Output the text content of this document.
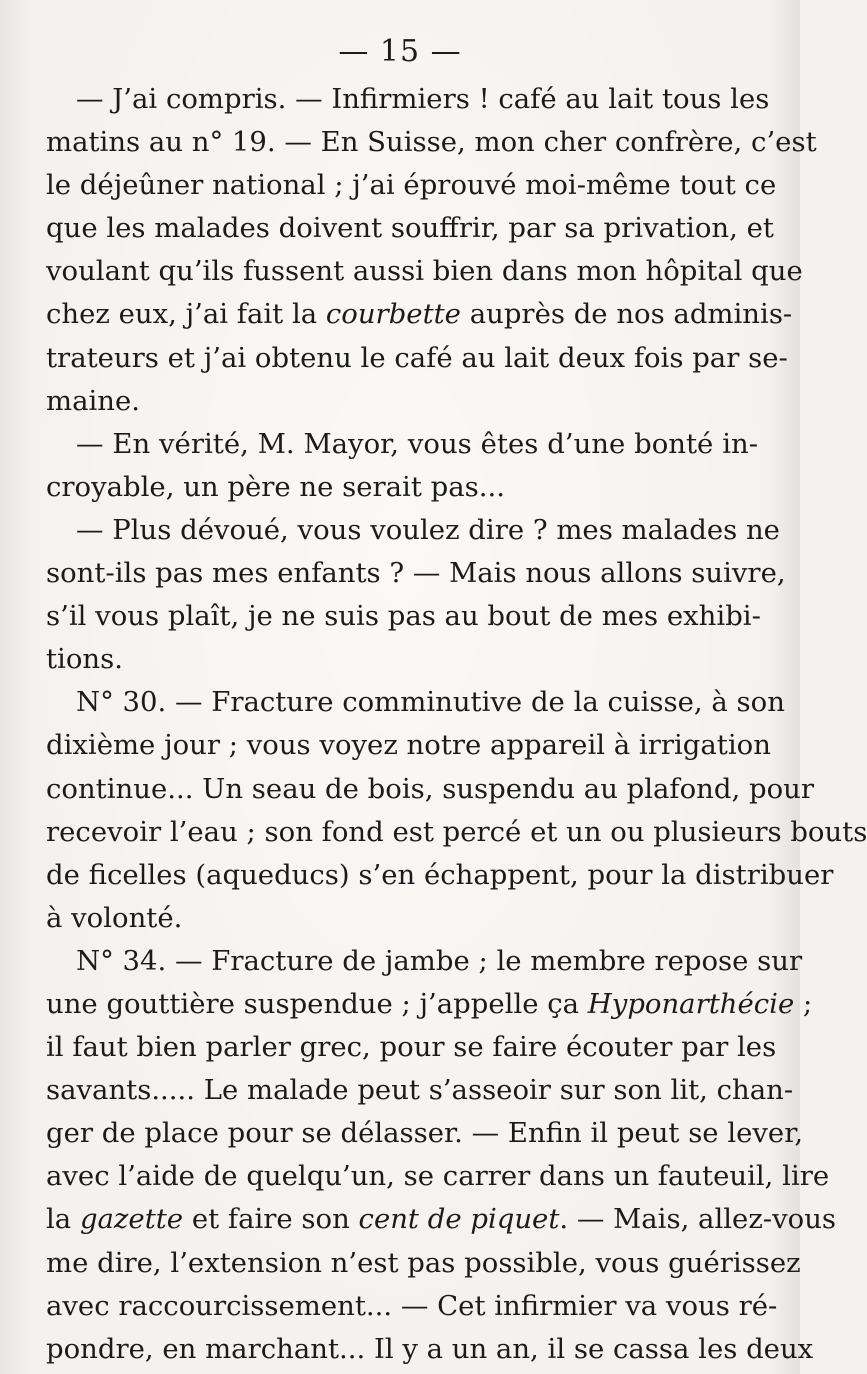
— 15 —
— J’ai compris. — Infirmiers ! café au lait tous les
matins au n° 19. — En Suisse, mon cher confrère, c’est
le déjeûner national ; j’ai éprouvé moi-même tout ce
que les malades doivent souffrir, par sa privation, et
voulant qu’ils fussent aussi bien dans mon hôpital que
chez eux, j’ai fait la courbette auprès de nos adminis-
trateurs et j’ai obtenu le café au lait deux fois par se-
maine.
— En vérité, M. Mayor, vous êtes d’une bonté in-
croyable, un père ne serait pas...
— Plus dévoué, vous voulez dire ? mes malades ne
sont-ils pas mes enfants ? — Mais nous allons suivre,
s’il vous plaît, je ne suis pas au bout de mes exhibi-
tions.
N° 30. — Fracture comminutive de la cuisse, à son
dixième jour ; vous voyez notre appareil à irrigation
continue... Un seau de bois, suspendu au plafond, pour
recevoir l’eau ; son fond est percé et un ou plusieurs bouts
de ficelles (aqueducs) s’en échappent, pour la distribuer
à volonté.
N° 34. — Fracture de jambe ; le membre repose sur
une gouttière suspendue ; j’appelle ça Hyponarthécie ;
il faut bien parler grec, pour se faire écouter par les
savants..... Le malade peut s’asseoir sur son lit, chan-
ger de place pour se délasser. — Enfin il peut se lever,
avec l’aide de quelqu’un, se carrer dans un fauteuil, lire
la gazette et faire son cent de piquet. — Mais, allez-vous
me dire, l’extension n’est pas possible, vous guérissez
avec raccourcissement... — Cet infirmier va vous ré-
pondre, en marchant... Il y a un an, il se cassa les deux
